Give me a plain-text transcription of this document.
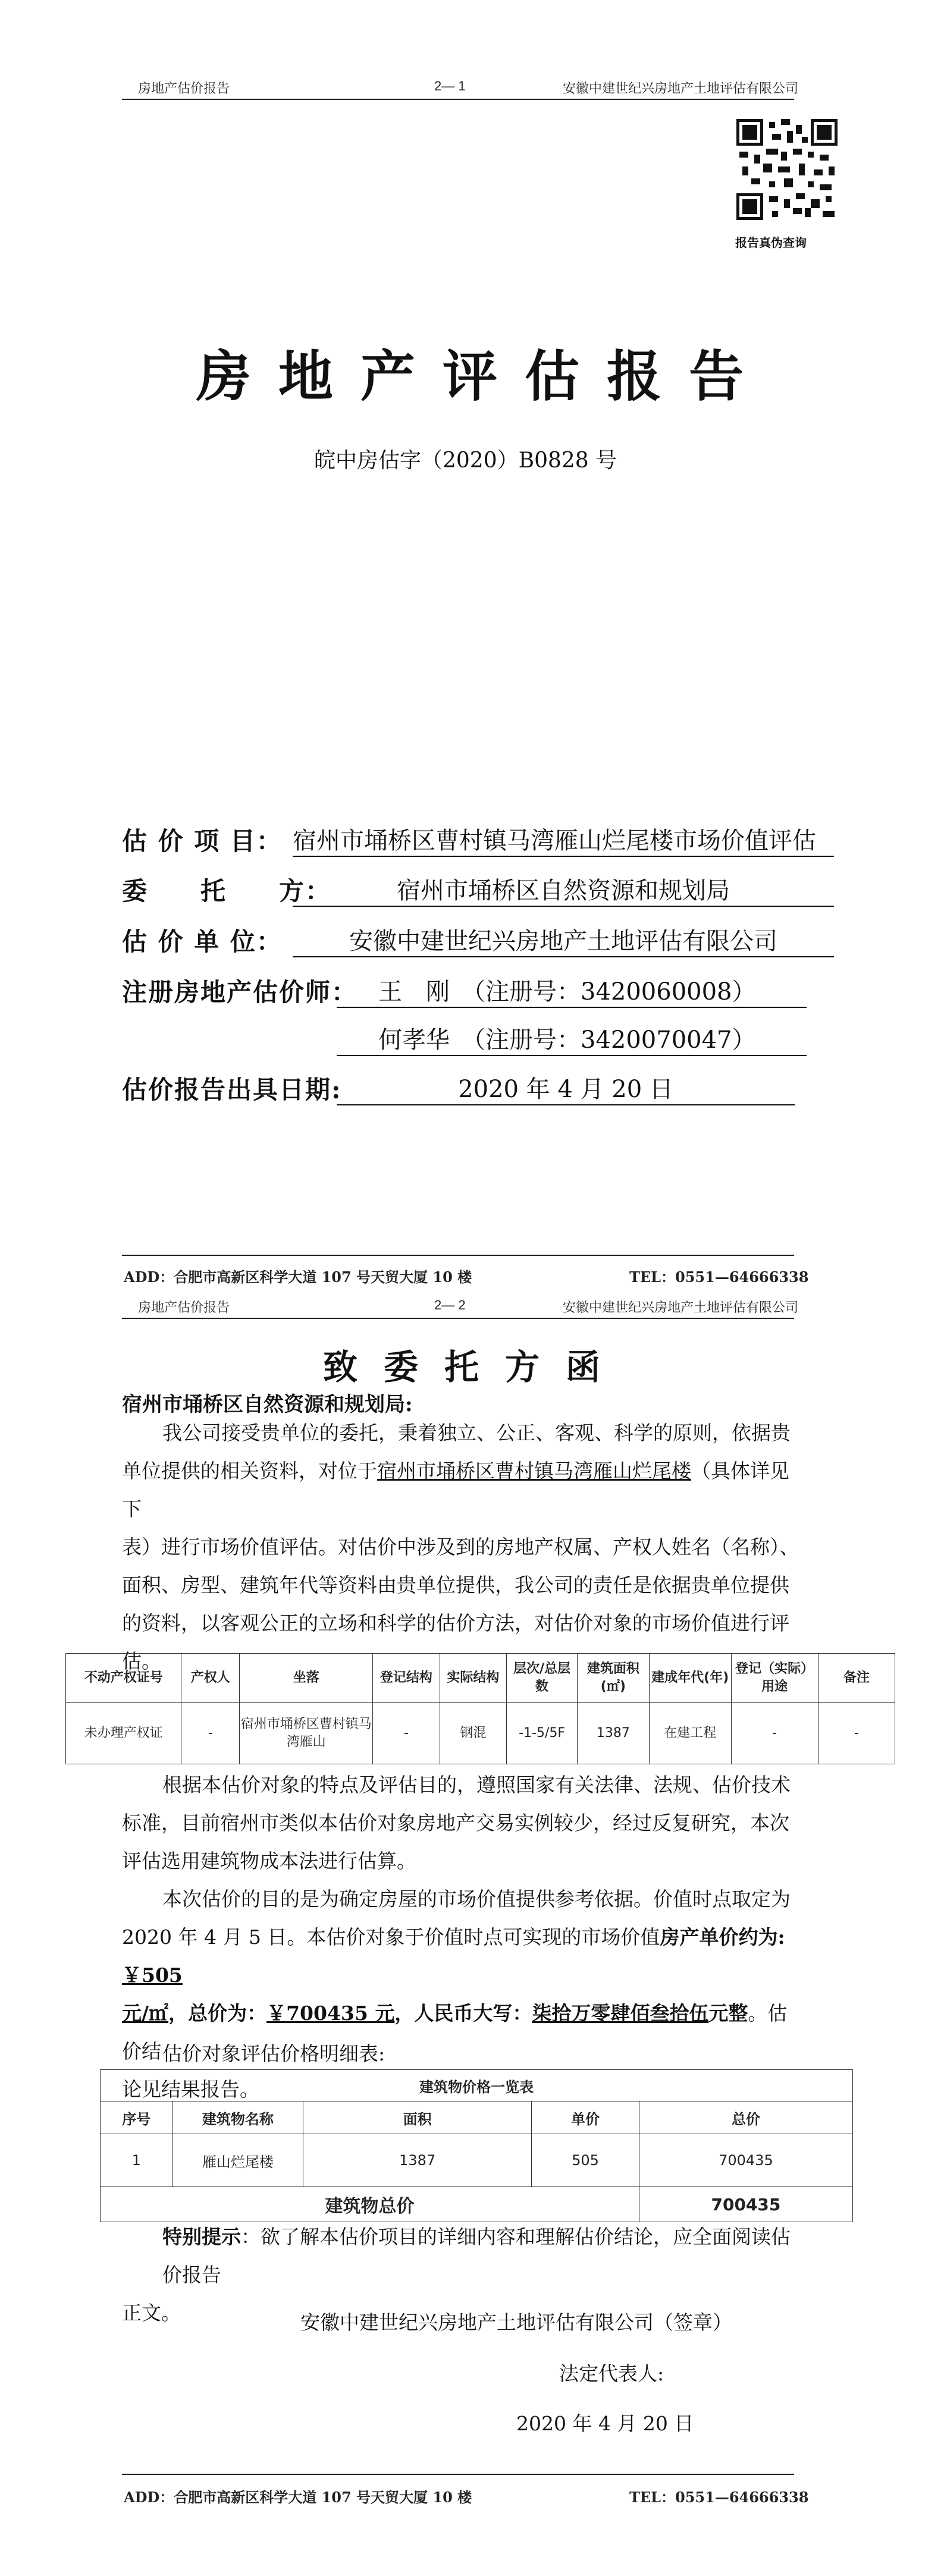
房地产估价报告	2— 1	安徽中建世纪兴房地产土地评估有限公司
报告真伪查询
房地产评估报告
皖中房估字（2020）B0828 号
估 价 项 目： 宿州市埇桥区曹村镇马湾雁山烂尾楼市场价值评估
委　　托　　方：	宿州市埇桥区自然资源和规划局
估 价 单 位：	安徽中建世纪兴房地产土地评估有限公司
注册房地产估价师： 王　刚　（注册号：3420060008）
何孝华　（注册号：3420070047）
估价报告出具日期:	2020 年 4 月 20 日
ADD：合肥市高新区科学大道 107 号天贸大厦 10 楼	TEL：0551—64666338
房地产估价报告	2— 2	安徽中建世纪兴房地产土地评估有限公司
致委托方函
宿州市埇桥区自然资源和规划局:
我公司接受贵单位的委托，秉着独立、公正、客观、科学的原则，依据贵
单位提供的相关资料，对位于宿州市埇桥区曹村镇马湾雁山烂尾楼（具体详见下
表）进行市场价值评估。对估价中涉及到的房地产权属、产权人姓名（名称）、
面积、房型、建筑年代等资料由贵单位提供，我公司的责任是依据贵单位提供
的资料，以客观公正的立场和科学的估价方法，对估价对象的市场价值进行评
估。
不动产权证号	产权人	坐落	登记结构	实际结构	层次/总层数	建筑面积(㎡)	建成年代(年)	登记（实际）用途	备注
未办理产权证	-	宿州市埇桥区曹村镇马湾雁山	-	钢混	-1-5/5F	1387	在建工程	-	-
根据本估价对象的特点及评估目的，遵照国家有关法律、法规、估价技术
标准，目前宿州市类似本估价对象房地产交易实例较少，经过反复研究，本次
评估选用建筑物成本法进行估算。
本次估价的目的是为确定房屋的市场价值提供参考依据。价值时点取定为
2020 年 4 月 5 日。本估价对象于价值时点可实现的市场价值房产单价约为:￥505
元/㎡，总价为：￥700435 元，人民币大写：柒拾万零肆佰叁拾伍元整。估价结
论见结果报告。
估价对象评估价格明细表:
建筑物价格一览表				
序号	建筑物名称	面积	单价	总价
1	雁山烂尾楼	1387	505	700435
建筑物总价				700435
特别提示：欲了解本估价项目的详细内容和理解估价结论，应全面阅读估价报告
正文。	安徽中建世纪兴房地产土地评估有限公司（签章）
法定代表人:
2020 年 4 月 20 日
ADD：合肥市高新区科学大道 107 号天贸大厦 10 楼	TEL：0551—64666338
